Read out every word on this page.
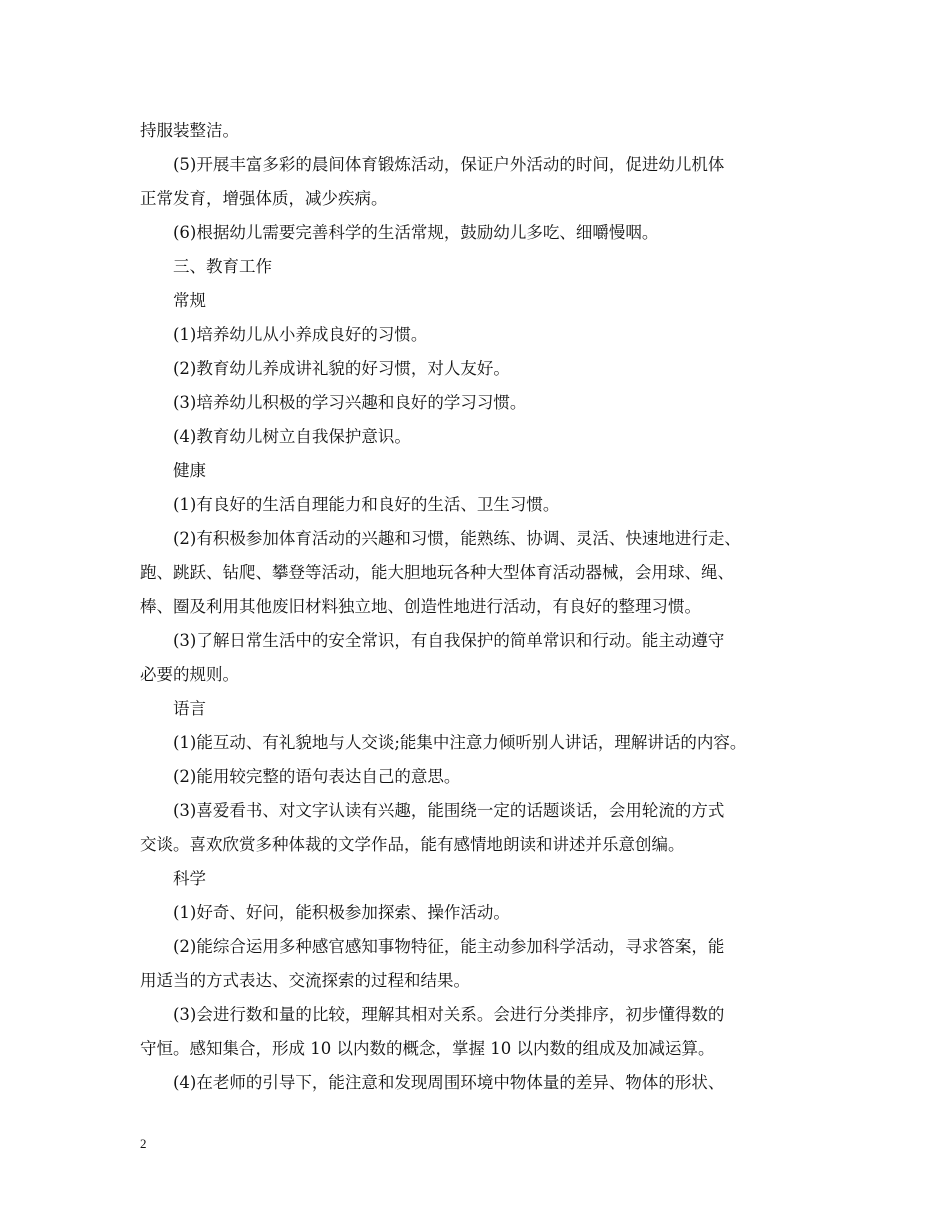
持服装整洁。
(5)开展丰富多彩的晨间体育锻炼活动，保证户外活动的时间，促进幼儿机体
正常发育，增强体质，减少疾病。
(6)根据幼儿需要完善科学的生活常规，鼓励幼儿多吃、细嚼慢咽。
三、教育工作
常规
(1)培养幼儿从小养成良好的习惯。
(2)教育幼儿养成讲礼貌的好习惯，对人友好。
(3)培养幼儿积极的学习兴趣和良好的学习习惯。
(4)教育幼儿树立自我保护意识。
健康
(1)有良好的生活自理能力和良好的生活、卫生习惯。
(2)有积极参加体育活动的兴趣和习惯，能熟练、协调、灵活、快速地进行走、
跑、跳跃、钻爬、攀登等活动，能大胆地玩各种大型体育活动器械，会用球、绳、
棒、圈及利用其他废旧材料独立地、创造性地进行活动，有良好的整理习惯。
(3)了解日常生活中的安全常识，有自我保护的简单常识和行动。能主动遵守
必要的规则。
语言
(1)能互动、有礼貌地与人交谈;能集中注意力倾听别人讲话，理解讲话的内容。
(2)能用较完整的语句表达自己的意思。
(3)喜爱看书、对文字认读有兴趣，能围绕一定的话题谈话，会用轮流的方式
交谈。喜欢欣赏多种体裁的文学作品，能有感情地朗读和讲述并乐意创编。
科学
(1)好奇、好问，能积极参加探索、操作活动。
(2)能综合运用多种感官感知事物特征，能主动参加科学活动，寻求答案，能
用适当的方式表达、交流探索的过程和结果。
(3)会进行数和量的比较，理解其相对关系。会进行分类排序，初步懂得数的
守恒。感知集合，形成 10 以内数的概念，掌握 10 以内数的组成及加减运算。
(4)在老师的引导下，能注意和发现周围环境中物体量的差异、物体的形状、
2
